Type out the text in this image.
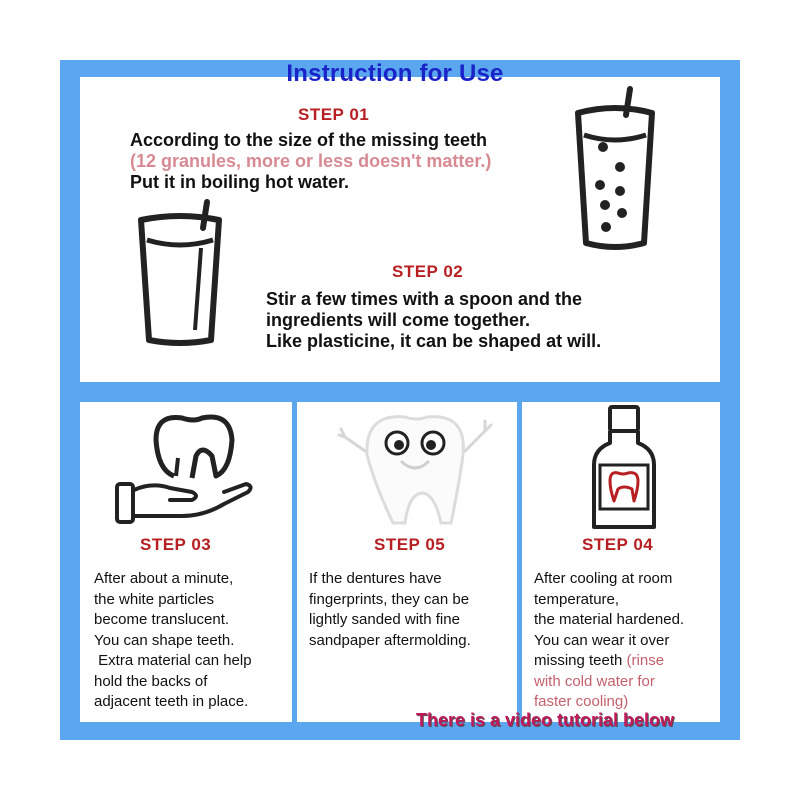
Instruction for Use
STEP 01
According to the size of the missing teeth
(12 granules, more or less doesn't matter.)
Put it in boiling hot water.
STEP 02
Stir a few times with a spoon and the
ingredients will come together.
Like plasticine, it can be shaped at will.
STEP 03
After about a minute,
the white particles
become translucent.
You can shape teeth.
Extra material can help
hold the backs of
adjacent teeth in place.
STEP 05
If the dentures have
fingerprints, they can be
lightly sanded with fine
sandpaper aftermolding.
STEP 04
After cooling at room
temperature,
the material hardened.
You can wear it over
missing teeth (rinse
with cold water for
faster cooling)
There is a video tutorial below
